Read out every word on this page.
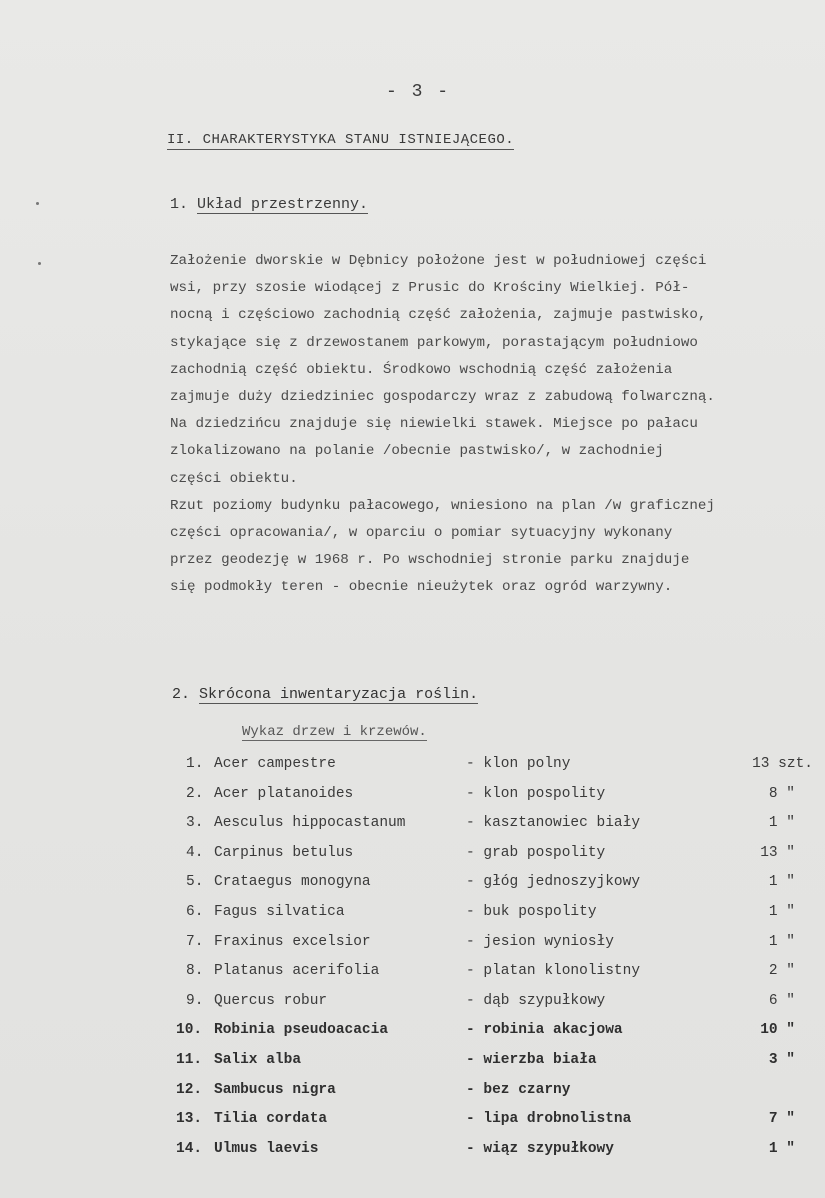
- 3 -
II. CHARAKTERYSTYKA STANU ISTNIEJĄCEGO.
1. Układ przestrzenny.
Założenie dworskie w Dębnicy położone jest w południowej części
wsi, przy szosie wiodącej z Prusic do Krościny Wielkiej. Pół-
nocną i częściowo zachodnią część założenia, zajmuje pastwisko,
stykające się z drzewostanem parkowym, porastającym południowo
zachodnią część obiektu. Środkowo wschodnią część założenia
zajmuje duży dziedziniec gospodarczy wraz z zabudową folwarczną.
Na dziedzińcu znajduje się niewielki stawek. Miejsce po pałacu
zlokalizowano na polanie /obecnie pastwisko/, w zachodniej
części obiektu.
Rzut poziomy budynku pałacowego, wniesiono na plan /w graficznej
części opracowania/, w oparciu o pomiar sytuacyjny wykonany
przez geodezję w 1968 r. Po wschodniej stronie parku znajduje
się podmokły teren - obecnie nieużytek oraz ogród warzywny.
2. Skrócona inwentaryzacja roślin.
Wykaz drzew i krzewów.
1. Acer campestre	- klon polny	13 szt.
2. Acer platanoides	- klon pospolity	8 "
3. Aesculus hippocastanum	- kasztanowiec biały	1 "
4. Carpinus betulus	- grab pospolity	13 "
5. Crataegus monogyna	- głóg jednoszyjkowy	1 "
6. Fagus silvatica	- buk pospolity	1 "
7. Fraxinus excelsior	- jesion wyniosły	1 "
8. Platanus acerifolia	- platan klonolistny	2 "
9. Quercus robur	- dąb szypułkowy	6 "
10. Robinia pseudoacacia	- robinia akacjowa	10 "
11. Salix alba	- wierzba biała	3 "
12. Sambucus nigra	- bez czarny
13. Tilia cordata	- lipa drobnolistna	7 "
14. Ulmus laevis	- wiąz szypułkowy	1 "
